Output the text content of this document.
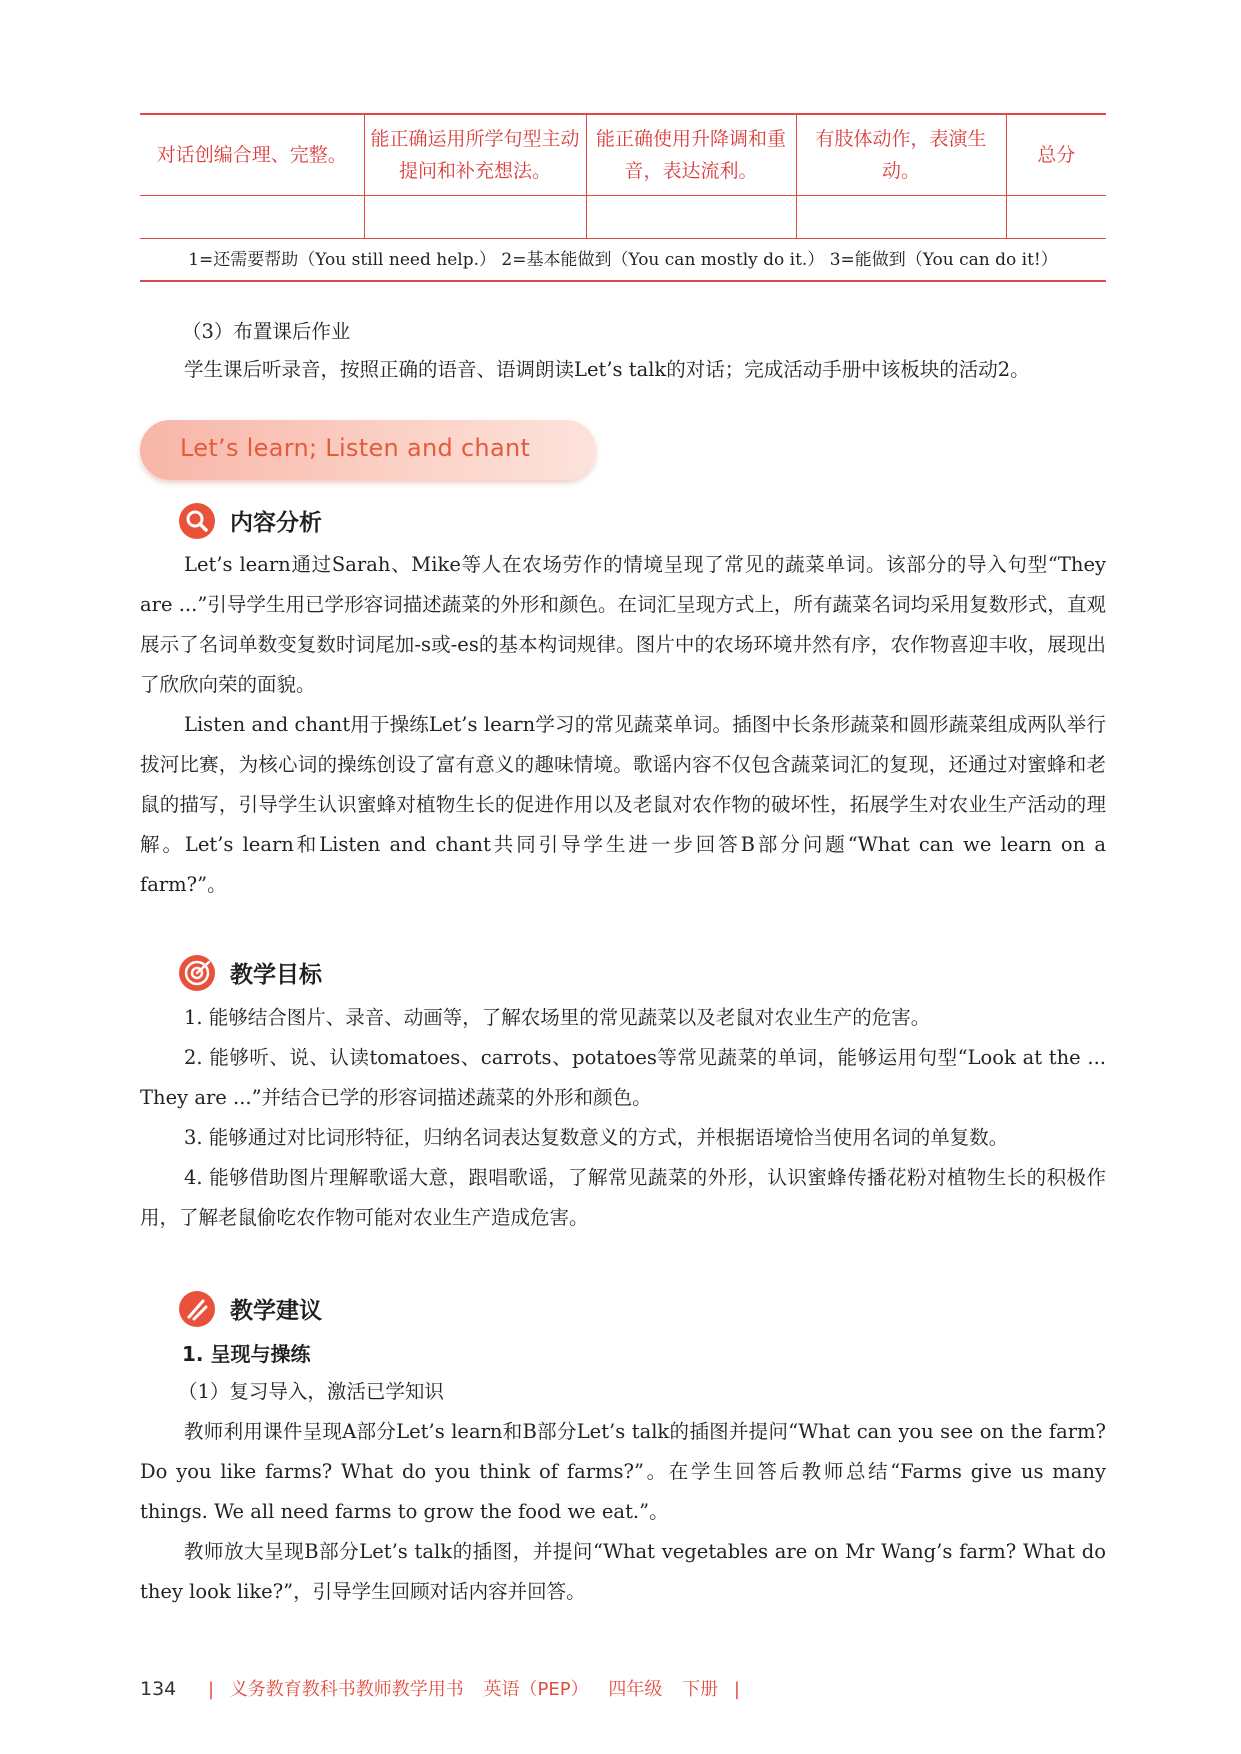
对话创编合理、完整。	能正确运用所学句型主动提问和补充想法。	能正确使用升降调和重音，表达流利。	有肢体动作，表演生动。	总分

1=还需要帮助（You still need help.） 2=基本能做到（You can mostly do it.） 3=能做到（You can do it!）				

（3）布置课后作业

学生课后听录音，按照正确的语音、语调朗读Let’s talk的对话；完成活动手册中该板块的活动2。

Let’s learn; Listen and chant
内容分析

Let’s learn通过Sarah、Mike等人在农场劳作的情境呈现了常见的蔬菜单词。该部分的导入句型“They are ...”引导学生用已学形容词描述蔬菜的外形和颜色。在词汇呈现方式上，所有蔬菜名词均采用复数形式，直观展示了名词单数变复数时词尾加-s或-es的基本构词规律。图片中的农场环境井然有序，农作物喜迎丰收，展现出了欣欣向荣的面貌。

Listen and chant用于操练Let’s learn学习的常见蔬菜单词。插图中长条形蔬菜和圆形蔬菜组成两队举行拔河比赛，为核心词的操练创设了富有意义的趣味情境。歌谣内容不仅包含蔬菜词汇的复现，还通过对蜜蜂和老鼠的描写，引导学生认识蜜蜂对植物生长的促进作用以及老鼠对农作物的破坏性，拓展学生对农业生产活动的理解。Let’s learn和Listen and chant共同引导学生进一步回答B部分问题“What can we learn on a farm?”。

教学目标

1. 能够结合图片、录音、动画等，了解农场里的常见蔬菜以及老鼠对农业生产的危害。

2. 能够听、说、认读tomatoes、carrots、potatoes等常见蔬菜的单词，能够运用句型“Look at the ... They are ...”并结合已学的形容词描述蔬菜的外形和颜色。

3. 能够通过对比词形特征，归纳名词表达复数意义的方式，并根据语境恰当使用名词的单复数。

4. 能够借助图片理解歌谣大意，跟唱歌谣，了解常见蔬菜的外形，认识蜜蜂传播花粉对植物生长的积极作用，了解老鼠偷吃农作物可能对农业生产造成危害。

教学建议
1. 呈现与操练

（1）复习导入，激活已学知识

教师利用课件呈现A部分Let’s learn和B部分Let’s talk的插图并提问“What can you see on the farm? Do you like farms? What do you think of farms?”。在学生回答后教师总结“Farms give us many things. We all need farms to grow the food we eat.”。

教师放大呈现B部分Let’s talk的插图，并提问“What vegetables are on Mr Wang’s farm? What do they look like?”，引导学生回顾对话内容并回答。

134 | 义务教育教科书教师教学用书 英语（PEP） 四年级 下册 |
